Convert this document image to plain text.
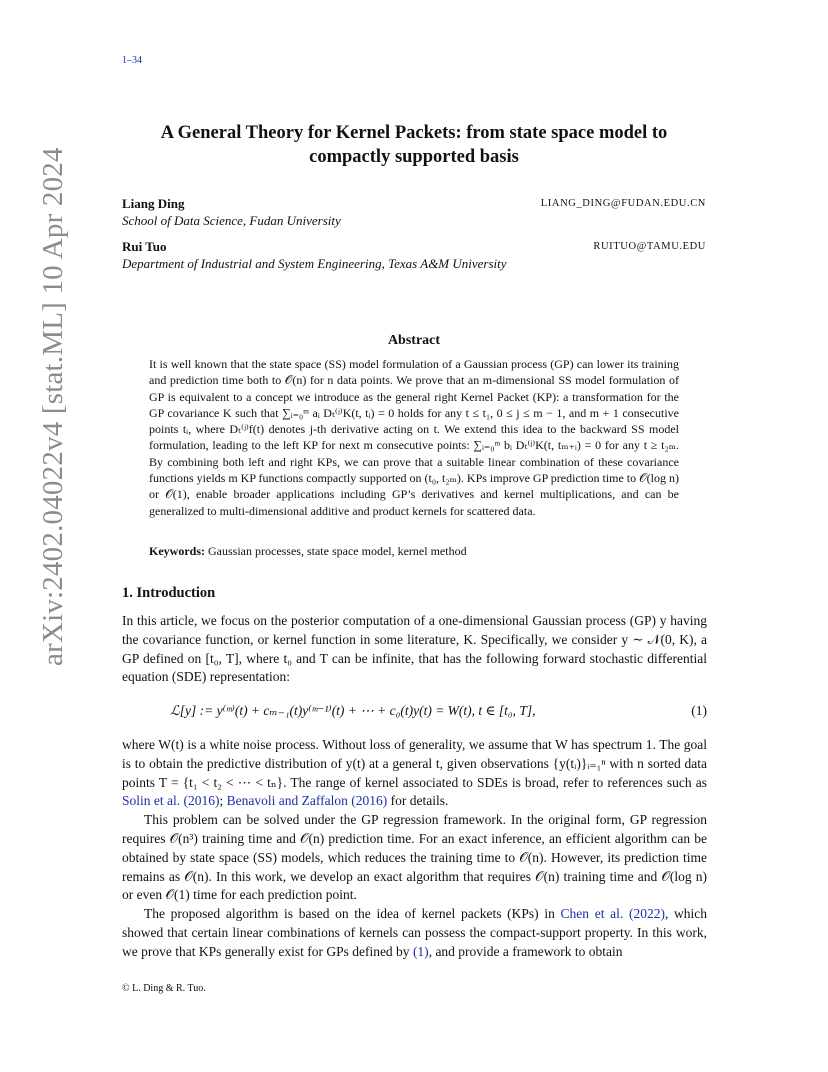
1–34
arXiv:2402.04022v4 [stat.ML] 10 Apr 2024
A General Theory for Kernel Packets: from state space model to
compactly supported basis
Liang Ding	LIANG_DING@FUDAN.EDU.CN
School of Data Science, Fudan University
Rui Tuo	RUITUO@TAMU.EDU
Department of Industrial and System Engineering, Texas A&M University
Abstract
It is well known that the state space (SS) model formulation of a Gaussian process (GP) can lower its training and prediction time both to 𝒪(n) for n data points. We prove that an m-dimensional SS model formulation of GP is equivalent to a concept we introduce as the general right Kernel Packet (KP): a transformation for the GP covariance K such that ∑ᵢ₌₀ᵐ aᵢ Dₜ⁽ʲ⁾K(t, tᵢ) = 0 holds for any t ≤ t₁, 0 ≤ j ≤ m − 1, and m + 1 consecutive points tᵢ, where Dₜ⁽ʲ⁾f(t) denotes j-th derivative acting on t. We extend this idea to the backward SS model formulation, leading to the left KP for next m consecutive points: ∑ᵢ₌₀ᵐ bᵢ Dₜ⁽ʲ⁾K(t, tₘ₊ᵢ) = 0 for any t ≥ t₂ₘ. By combining both left and right KPs, we can prove that a suitable linear combination of these covariance functions yields m KP functions compactly supported on (t₀, t₂ₘ). KPs improve GP prediction time to 𝒪(log n) or 𝒪(1), enable broader applications including GP’s derivatives and kernel multiplications, and can be generalized to multi-dimensional additive and product kernels for scattered data.
Keywords: Gaussian processes, state space model, kernel method
1. Introduction

In this article, we focus on the posterior computation of a one-dimensional Gaussian process (GP) y having the covariance function, or kernel function in some literature, K. Specifically, we consider y ∼ 𝒩(0, K), a GP defined on [t₀, T], where t₀ and T can be infinite, that has the following forward stochastic differential equation (SDE) representation:

ℒ[y] := y⁽ᵐ⁾(t) + cₘ₋₁(t)y⁽ᵐ⁻¹⁾(t) + ⋯ + c₀(t)y(t) = W(t), t ∈ [t₀, T],	(1)

where W(t) is a white noise process. Without loss of generality, we assume that W has spectrum 1. The goal is to obtain the predictive distribution of y(t) at a general t, given observations {y(tᵢ)}ᵢ₌₁ⁿ with n sorted data points T = {t₁ < t₂ < ⋯ < tₙ}. The range of kernel associated to SDEs is broad, refer to references such as Solin et al. (2016); Benavoli and Zaffalon (2016) for details.

This problem can be solved under the GP regression framework. In the original form, GP regression requires 𝒪(n³) training time and 𝒪(n) prediction time. For an exact inference, an efficient algorithm can be obtained by state space (SS) models, which reduces the training time to 𝒪(n). However, its prediction time remains as 𝒪(n). In this work, we develop an exact algorithm that requires 𝒪(n) training time and 𝒪(log n) or even 𝒪(1) time for each prediction point.

The proposed algorithm is based on the idea of kernel packets (KPs) in Chen et al. (2022), which showed that certain linear combinations of kernels can possess the compact-support property. In this work, we prove that KPs generally exist for GPs defined by (1), and provide a framework to obtain

© L. Ding & R. Tuo.
